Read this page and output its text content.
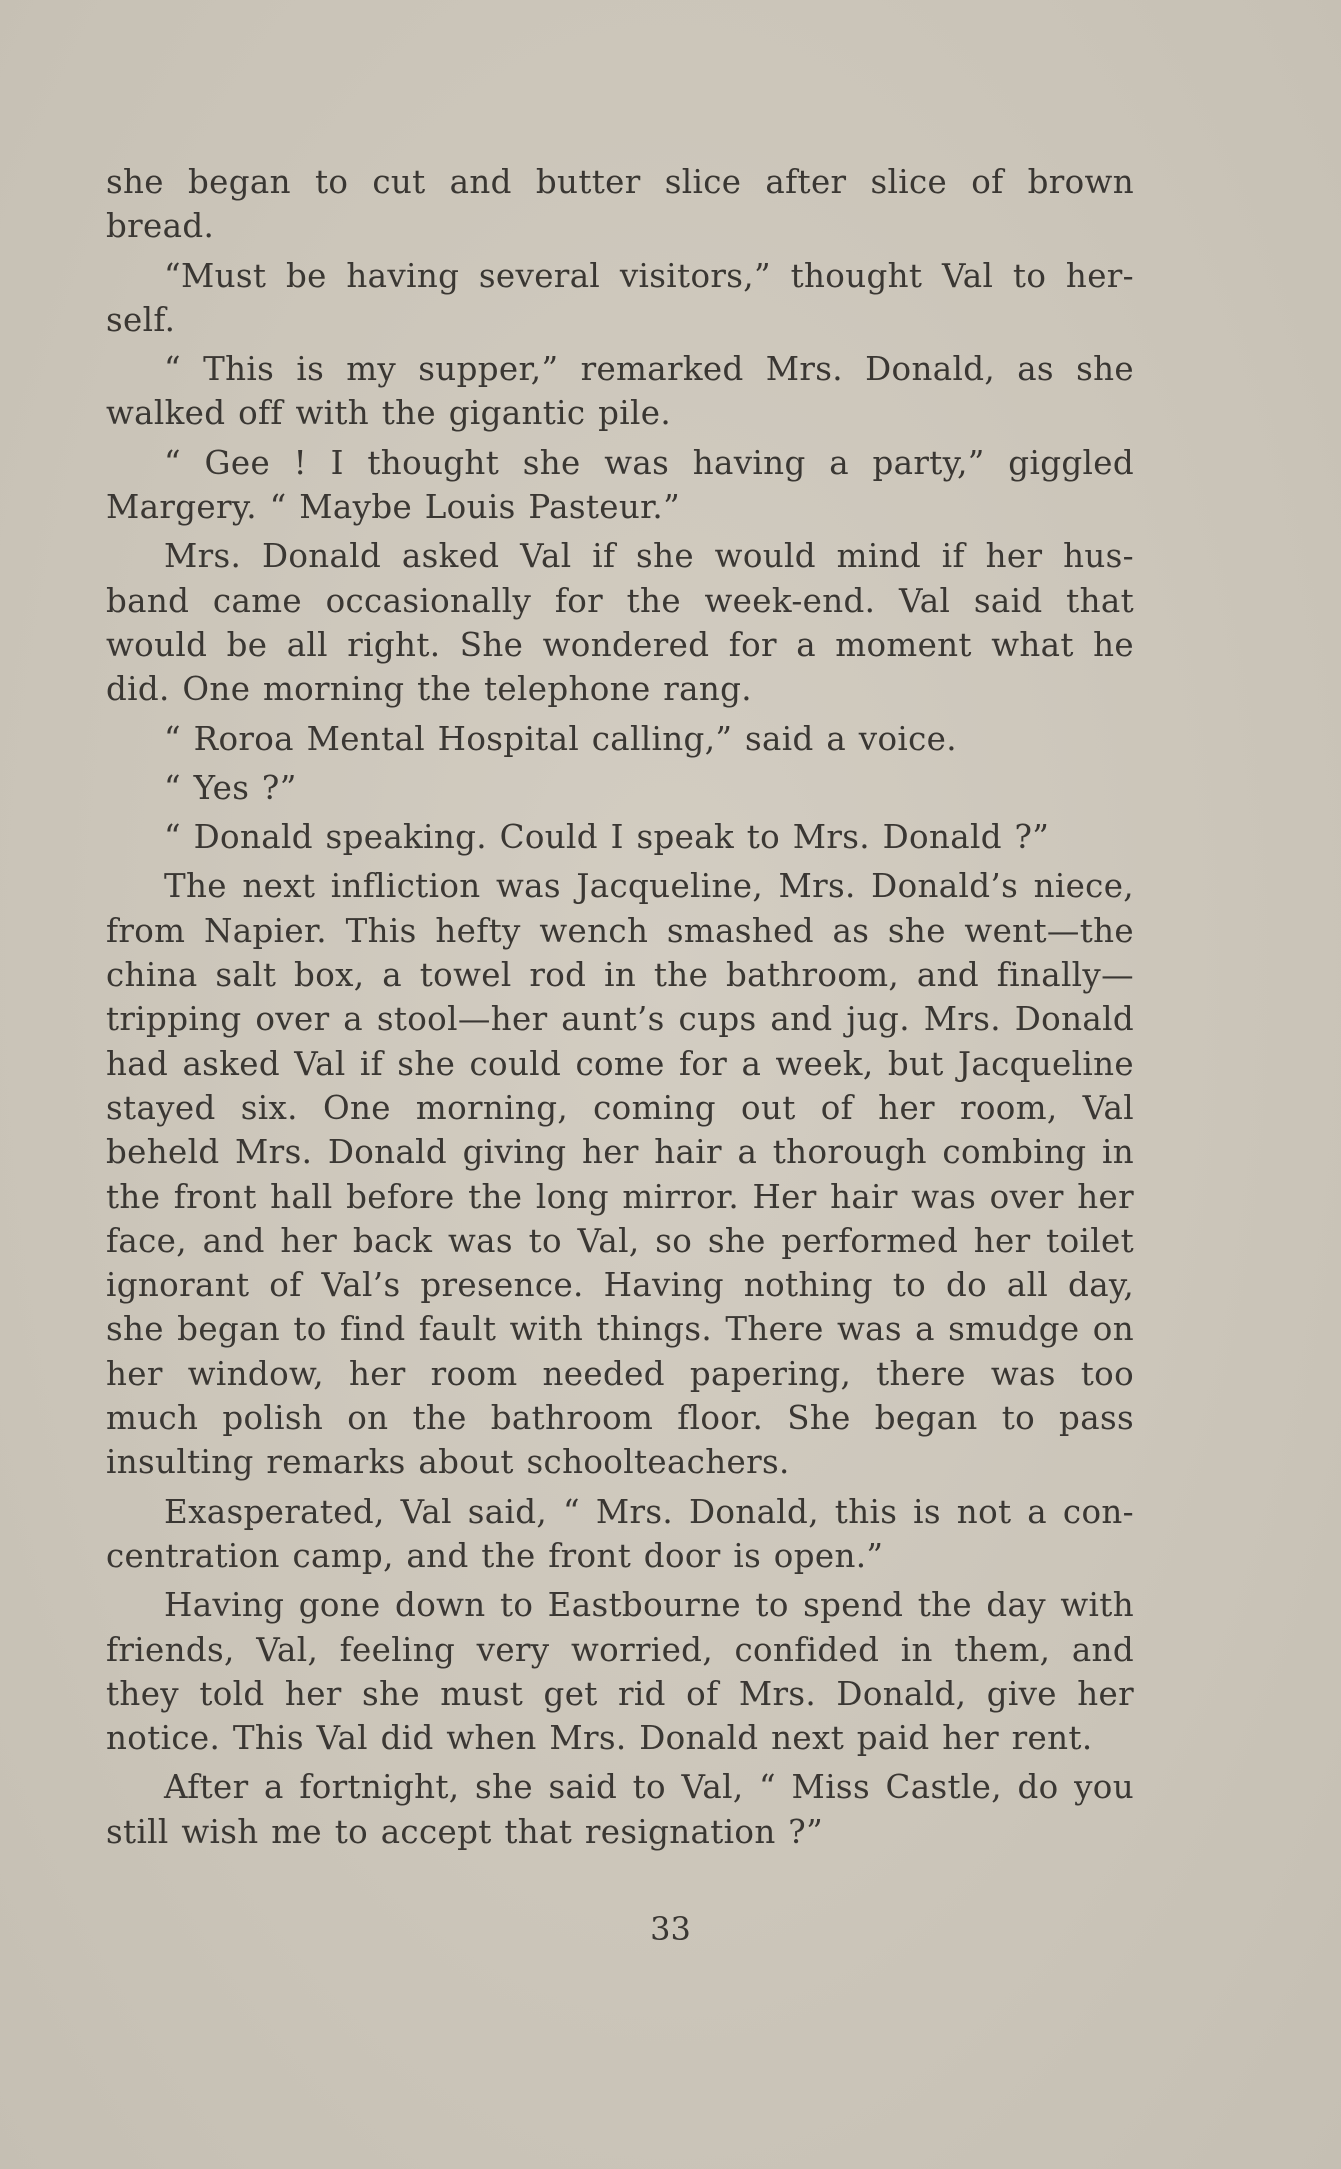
she began to cut and butter slice after slice of brown bread.

“Must be having several visitors,” thought Val to her-self.

“ This is my supper,” remarked Mrs. Donald, as she walked off with the gigantic pile.

“ Gee ! I thought she was having a party,” giggled Margery. “ Maybe Louis Pasteur.”

Mrs. Donald asked Val if she would mind if her hus-band came occasionally for the week-end. Val said that would be all right. She wondered for a moment what he did. One morning the telephone rang.

“ Roroa Mental Hospital calling,” said a voice.

“ Yes ?”

“ Donald speaking. Could I speak to Mrs. Donald ?”

The next infliction was Jacqueline, Mrs. Donald’s niece, from Napier. This hefty wench smashed as she went—the china salt box, a towel rod in the bathroom, and finally—tripping over a stool—her aunt’s cups and jug. Mrs. Donald had asked Val if she could come for a week, but Jacqueline stayed six. One morning, coming out of her room, Val beheld Mrs. Donald giving her hair a thorough combing in the front hall before the long mirror. Her hair was over her face, and her back was to Val, so she performed her toilet ignorant of Val’s presence. Having nothing to do all day, she began to find fault with things. There was a smudge on her window, her room needed papering, there was too much polish on the bathroom floor. She began to pass insulting remarks about schoolteachers.

Exasperated, Val said, “ Mrs. Donald, this is not a con-centration camp, and the front door is open.”

Having gone down to Eastbourne to spend the day with friends, Val, feeling very worried, confided in them, and they told her she must get rid of Mrs. Donald, give her notice. This Val did when Mrs. Donald next paid her rent.

After a fortnight, she said to Val, “ Miss Castle, do you still wish me to accept that resignation ?”

33
